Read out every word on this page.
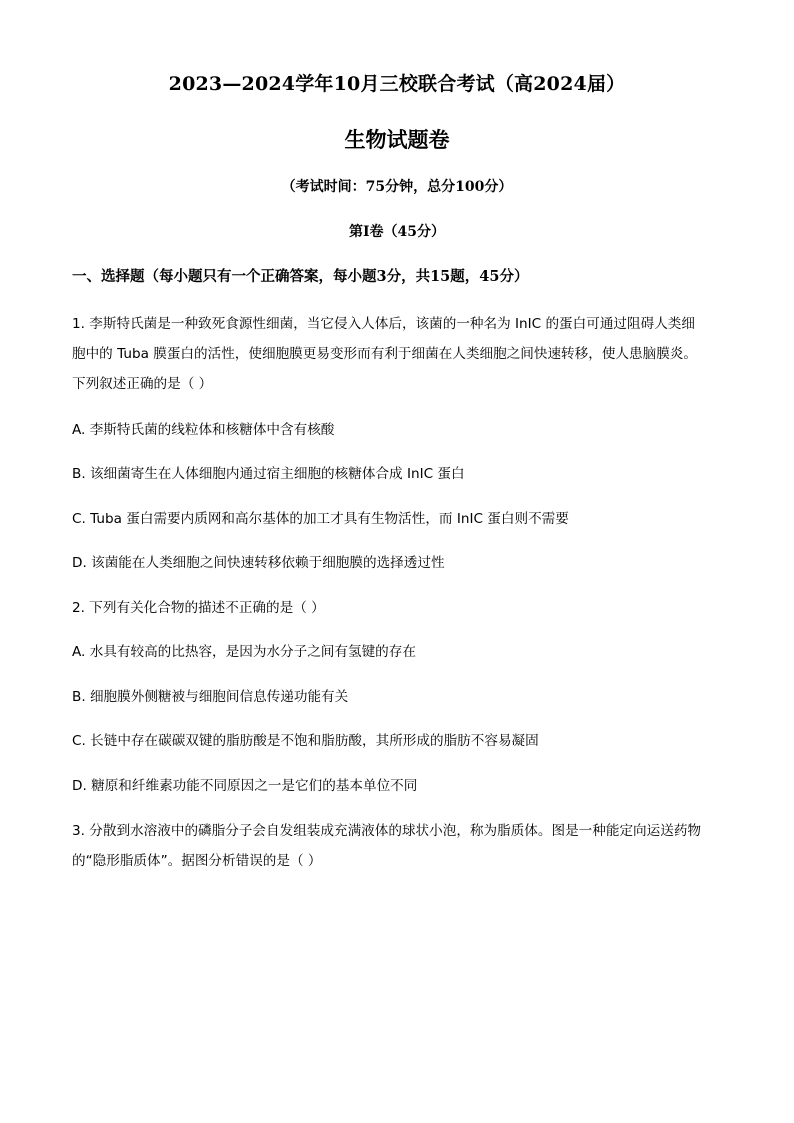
2023—2024学年10月三校联合考试（高2024届）
生物试题卷
（考试时间：75分钟，总分100分）
第I卷（45分）
一、选择题（每小题只有一个正确答案，每小题3分，共15题，45分）
1. 李斯特氏菌是一种致死食源性细菌，当它侵入人体后，该菌的一种名为 InIC 的蛋白可通过阻碍人类细
胞中的 Tuba 膜蛋白的活性，使细胞膜更易变形而有利于细菌在人类细胞之间快速转移，使人患脑膜炎。
下列叙述正确的是（ ）
A. 李斯特氏菌的线粒体和核糖体中含有核酸
B. 该细菌寄生在人体细胞内通过宿主细胞的核糖体合成 InIC 蛋白
C. Tuba 蛋白需要内质网和高尔基体的加工才具有生物活性，而 InIC 蛋白则不需要
D. 该菌能在人类细胞之间快速转移依赖于细胞膜的选择透过性
2. 下列有关化合物的描述不正确的是（ ）
A. 水具有较高的比热容，是因为水分子之间有氢键的存在
B. 细胞膜外侧糖被与细胞间信息传递功能有关
C. 长链中存在碳碳双键的脂肪酸是不饱和脂肪酸，其所形成的脂肪不容易凝固
D. 糖原和纤维素功能不同原因之一是它们的基本单位不同
3. 分散到水溶液中的磷脂分子会自发组装成充满液体的球状小泡，称为脂质体。图是一种能定向运送药物
的“隐形脂质体”。据图分析错误的是（ ）
